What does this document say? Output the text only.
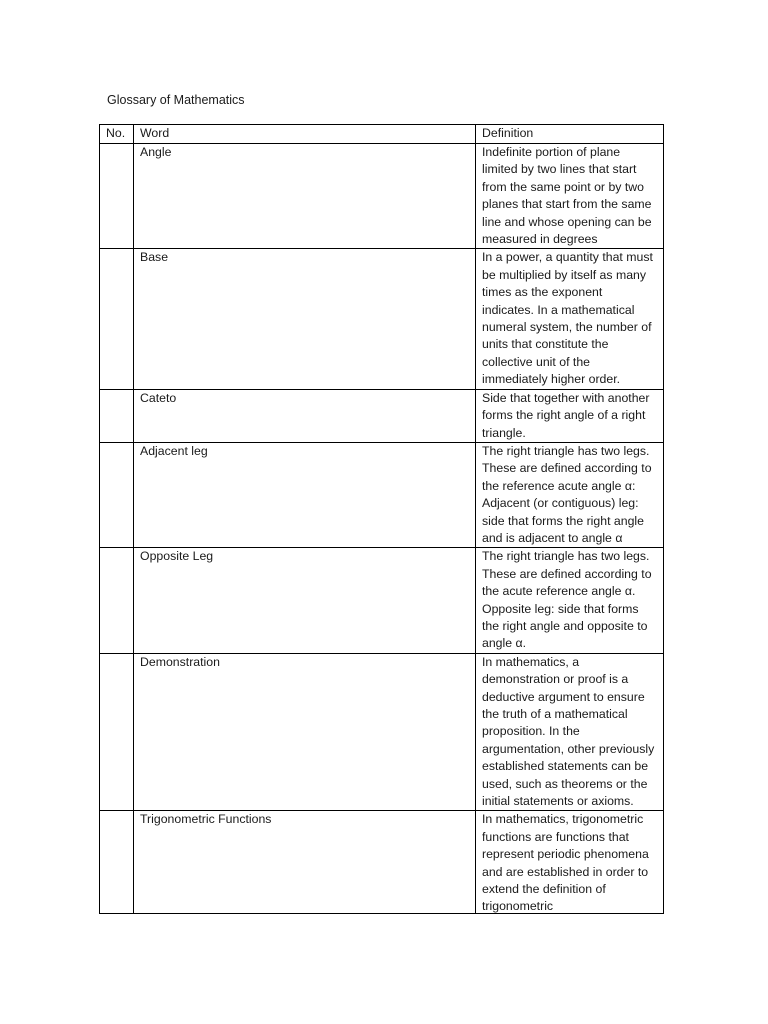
Glossary of Mathematics
No.	Word	Definition
	Angle	Indefinite portion of plane limited by two lines that start from the same point or by two planes that start from the same line and whose opening can be measured in degrees
	Base	In a power, a quantity that must be multiplied by itself as many times as the exponent indicates. In a mathematical numeral system, the number of units that constitute the collective unit of the immediately higher order.
	Cateto	Side that together with another forms the right angle of a right triangle.
	Adjacent leg	The right triangle has two legs. These are defined according to the reference acute angle α: Adjacent (or contiguous) leg: side that forms the right angle and is adjacent to angle α
	Opposite Leg	The right triangle has two legs. These are defined according to the acute reference angle α. Opposite leg: side that forms the right angle and opposite to angle α.
	Demonstration	In mathematics, a demonstration or proof is a deductive argument to ensure the truth of a mathematical proposition. In the argumentation, other previously established statements can be used, such as theorems or the initial statements or axioms.
	Trigonometric Functions	In mathematics, trigonometric functions are functions that represent periodic phenomena and are established in order to extend the definition of trigonometric
